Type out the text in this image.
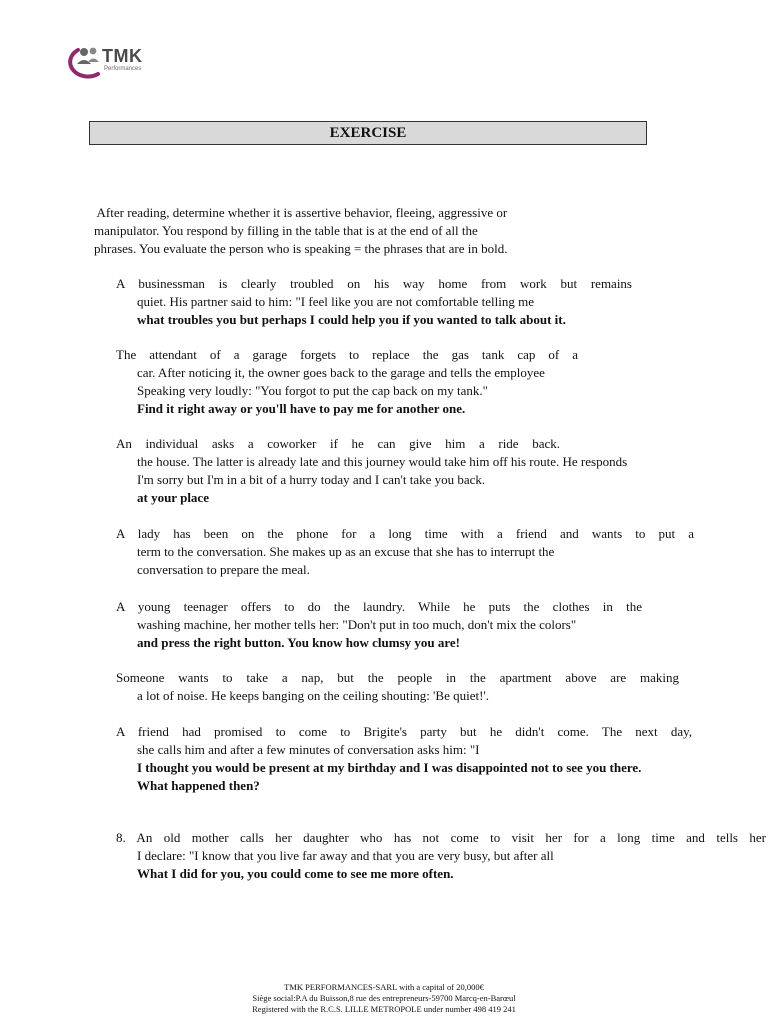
TMK
Performances
EXERCISE
After reading, determine whether it is assertive behavior, fleeing, aggressive or
manipulator. You respond by filling in the table that is at the end of all the
phrases. You evaluate the person who is speaking = the phrases that are in bold.
A businessman is clearly troubled on his way home from work but remains
quiet. His partner said to him: "I feel like you are not comfortable telling me
what troubles you but perhaps I could help you if you wanted to talk about it.
The attendant of a garage forgets to replace the gas tank cap of a
car. After noticing it, the owner goes back to the garage and tells the employee
Speaking very loudly: "You forgot to put the cap back on my tank."
Find it right away or you'll have to pay me for another one.
An individual asks a coworker if he can give him a ride back.
the house. The latter is already late and this journey would take him off his route. He responds
I'm sorry but I'm in a bit of a hurry today and I can't take you back.
at your place
A lady has been on the phone for a long time with a friend and wants to put a
term to the conversation. She makes up as an excuse that she has to interrupt the
conversation to prepare the meal.
A young teenager offers to do the laundry. While he puts the clothes in the
washing machine, her mother tells her: "Don't put in too much, don't mix the colors"
and press the right button. You know how clumsy you are!
Someone wants to take a nap, but the people in the apartment above are making
a lot of noise. He keeps banging on the ceiling shouting: 'Be quiet!'.
A friend had promised to come to Brigite's party but he didn't come. The next day,
she calls him and after a few minutes of conversation asks him: "I
I thought you would be present at my birthday and I was disappointed not to see you there.
What happened then?
8. An old mother calls her daughter who has not come to visit her for a long time and tells her
I declare: "I know that you live far away and that you are very busy, but after all
What I did for you, you could come to see me more often.
TMK PERFORMANCES-SARL with a capital of 20,000€
Siège social:P.A du Buisson,8 rue des entrepreneurs-59700 Marcq-en-Barœul
Registered with the R.C.S. LILLE METROPOLE under number 498 419 241
